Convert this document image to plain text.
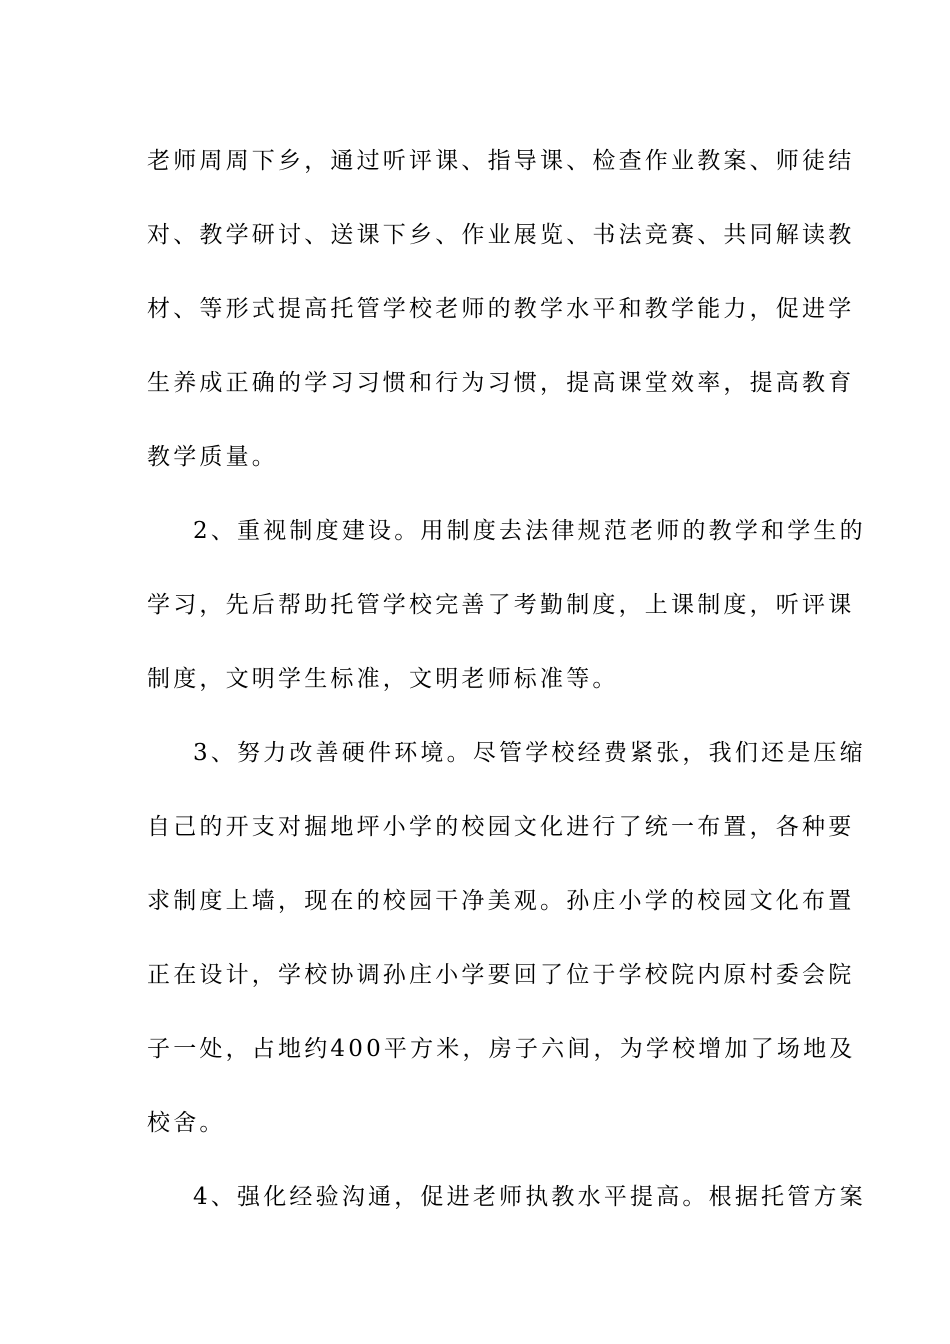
老师周周下乡，通过听评课、指导课、检查作业教案、师徒结
对、教学研讨、送课下乡、作业展览、书法竞赛、共同解读教
材、等形式提高托管学校老师的教学水平和教学能力，促进学
生养成正确的学习习惯和行为习惯，提高课堂效率，提高教育
教学质量。
2、重视制度建设。用制度去法律规范老师的教学和学生的
学习，先后帮助托管学校完善了考勤制度，上课制度，听评课
制度，文明学生标准，文明老师标准等。
3、努力改善硬件环境。尽管学校经费紧张，我们还是压缩
自己的开支对掘地坪小学的校园文化进行了统一布置，各种要
求制度上墙，现在的校园干净美观。孙庄小学的校园文化布置
正在设计，学校协调孙庄小学要回了位于学校院内原村委会院
子一处，占地约400平方米，房子六间，为学校增加了场地及
校舍。
4、强化经验沟通，促进老师执教水平提高。根据托管方案
